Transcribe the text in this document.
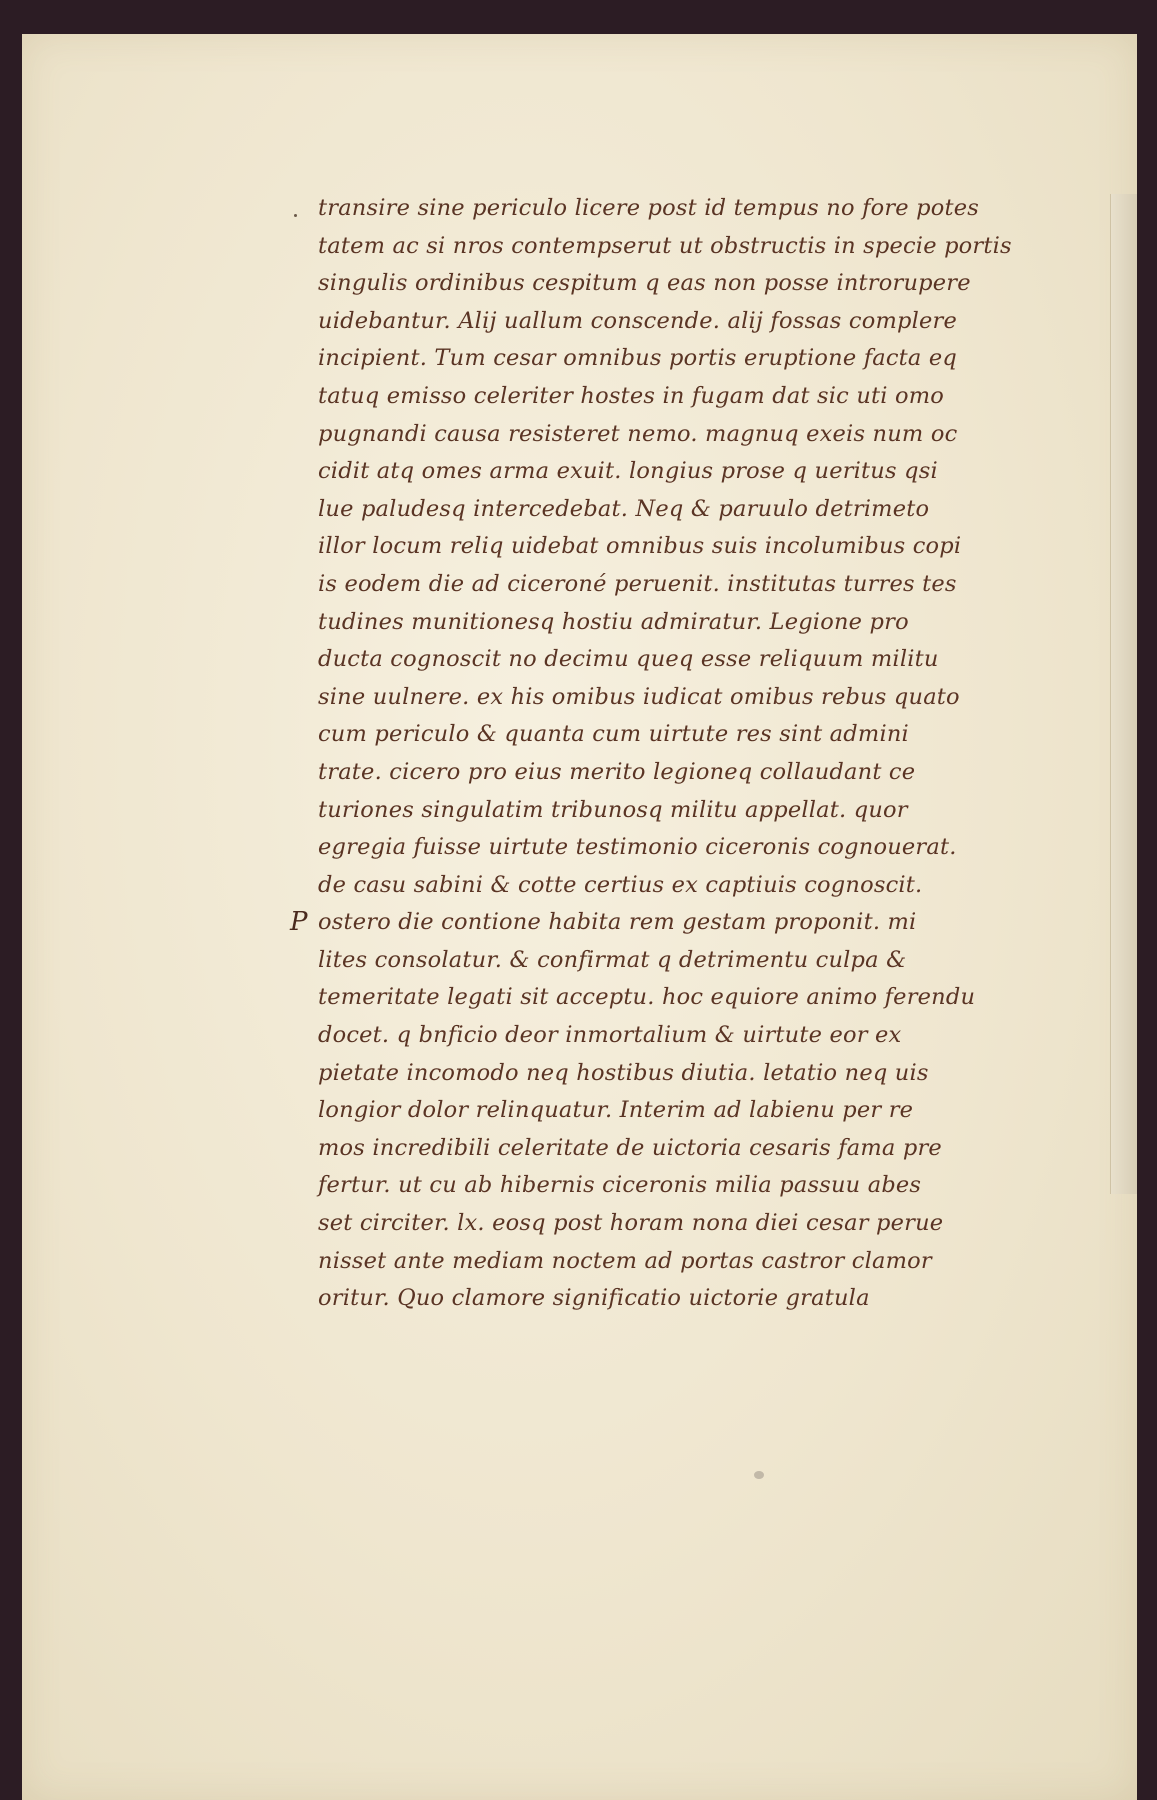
transire sine periculo licere post id tempus no fore potes
tatem ac si nros contempserut ut obstructis in specie portis
singulis ordinibus cespitum q eas non posse introrupere
uidebantur. Alij uallum conscende. alij fossas complere
incipient. Tum cesar omnibus portis eruptione facta eq
tatuq emisso celeriter hostes in fugam dat sic uti omo
pugnandi causa resisteret nemo. magnuq exeis num oc
cidit atq omes arma exuit. longius prose q ueritus qsi
lue paludesq intercedebat. Neq & paruulo detrimeto
illor locum reliq uidebat omnibus suis incolumibus copi
is eodem die ad ciceroné peruenit. institutas turres tes
tudines munitionesq hostiu admiratur. Legione pro
ducta cognoscit no decimu queq esse reliquum militu
sine uulnere. ex his omibus iudicat omibus rebus quato
cum periculo & quanta cum uirtute res sint admini
trate. cicero pro eius merito legioneq collaudant ce
turiones singulatim tribunosq militu appellat. quor
egregia fuisse uirtute testimonio ciceronis cognouerat.
de casu sabini & cotte certius ex captiuis cognoscit.
P ostero die contione habita rem gestam proponit. mi
lites consolatur. & confirmat q detrimentu culpa &
temeritate legati sit acceptu. hoc equiore animo ferendu
docet. q bnficio deor inmortalium & uirtute eor ex
pietate incomodo neq hostibus diutia. letatio neq uis
longior dolor relinquatur. Interim ad labienu per re
mos incredibili celeritate de uictoria cesaris fama pre
fertur. ut cu ab hibernis ciceronis milia passuu abes
set circiter. lx. eosq post horam nona diei cesar perue
nisset ante mediam noctem ad portas castror clamor
oritur. Quo clamore significatio uictorie gratula
